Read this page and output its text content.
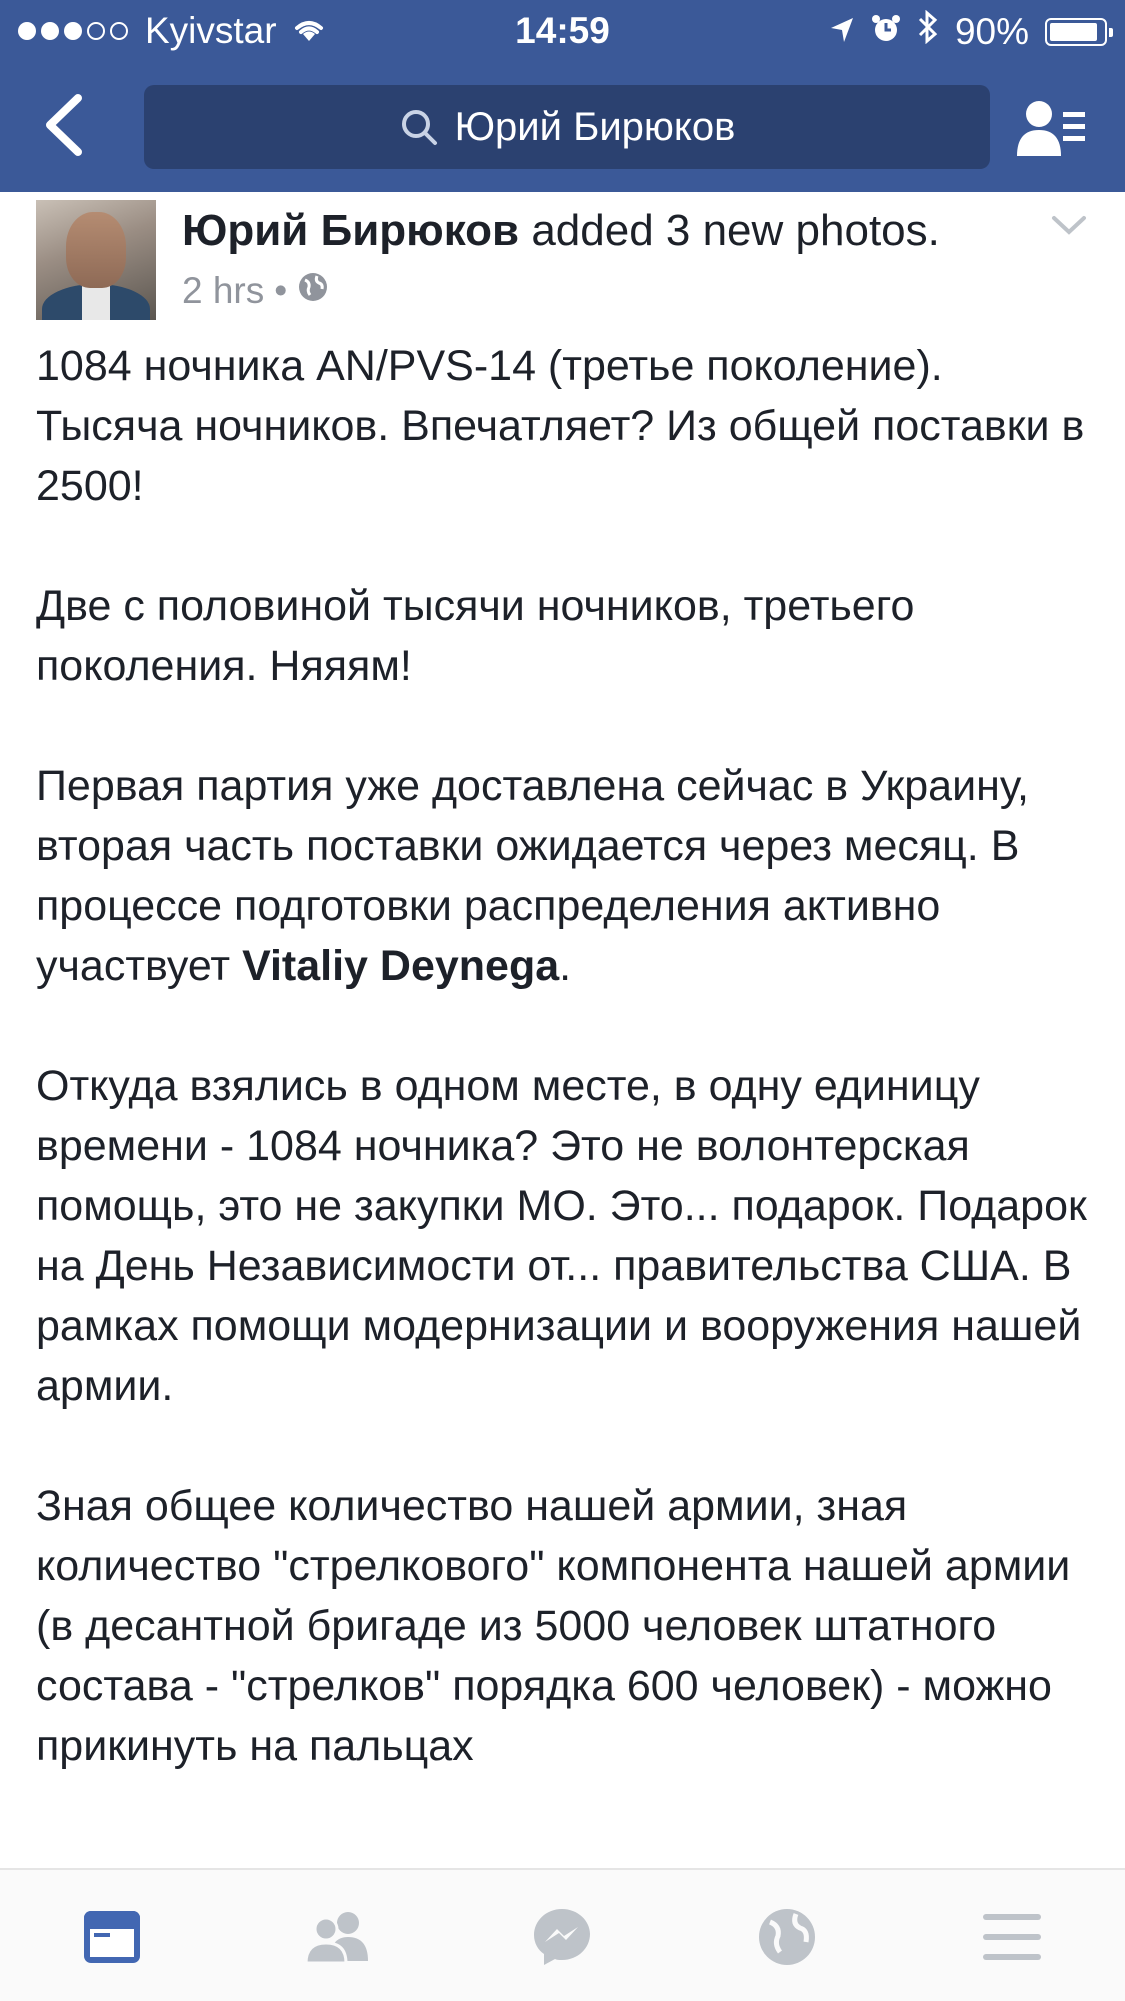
Kyivstar	14:59	90%
Юрий Бирюков
Юрий Бирюков added 3 new photos.
2 hrs •

1084 ночника AN/PVS-14 (третье поколение). Тысяча ночников. Впечатляет? Из общей поставки в 2500!

Две с половиной тысячи ночников, третьего поколения. Няяям!

Первая партия уже доставлена сейчас в Украину, вторая часть поставки ожидается через месяц. В процессе подготовки распределения активно участвует Vitaliy Deynega.

Откуда взялись в одном месте, в одну единицу времени - 1084 ночника? Это не волонтерская помощь, это не закупки МО. Это... подарок. Подарок на День Независимости от... правительства США. В рамках помощи модернизации и вооружения нашей армии.

Зная общее количество нашей армии, зная количество "стрелкового" компонента нашей армии (в десантной бригаде из 5000 человек штатного состава - "стрелков" порядка 600 человек) - можно прикинуть на пальцах
